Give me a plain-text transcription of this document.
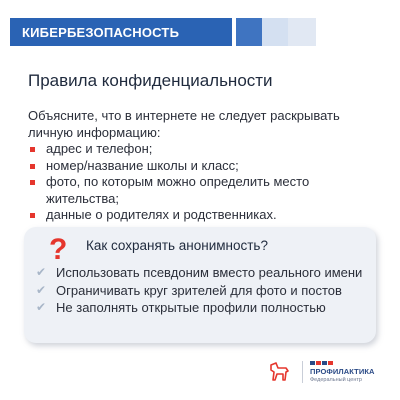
КИБЕРБЕЗОПАСНОСТЬ
Правила конфиденциальности
Объясните, что в интернете не следует раскрывать личную информацию:
адрес и телефон;
номер/название школы и класс;
фото, по которым можно определить место жительства;
данные о родителях и родственниках.
? Как сохранять анонимность?
✔ Использовать псевдоним вместо реального имени
✔ Ограничивать круг зрителей для фото и постов
✔ Не заполнять открытые профили полностью
ПРОФИЛАКТИКА
Федеральный центр
